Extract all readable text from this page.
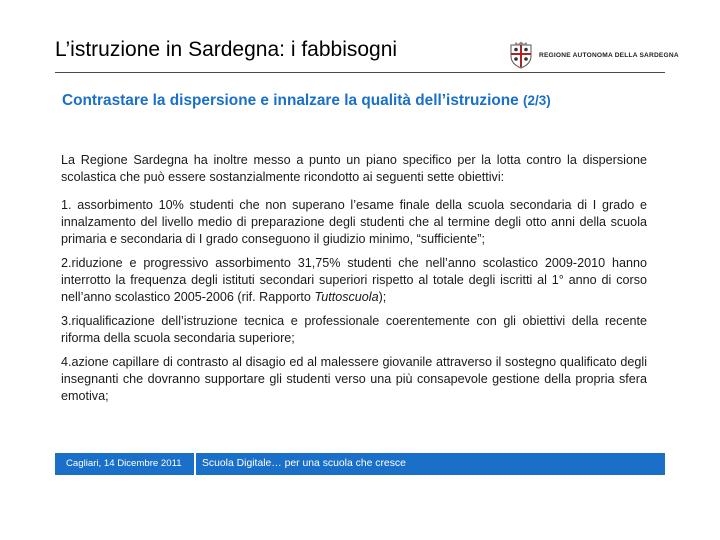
L’istruzione in Sardegna: i fabbisogni	REGIONE AUTONOMA DELLA SARDEGNA
Contrastare la dispersione e innalzare la qualità dell’istruzione (2/3)

La Regione Sardegna ha inoltre messo a punto un piano specifico per la lotta contro la dispersione scolastica che può essere sostanzialmente ricondotto ai seguenti sette obiettivi:

1. assorbimento 10% studenti che non superano l’esame finale della scuola secondaria di I grado e innalzamento del livello medio di preparazione degli studenti che al termine degli otto anni della scuola primaria e secondaria di I grado conseguono il giudizio minimo, “sufficiente”;

2.riduzione e progressivo assorbimento 31,75% studenti che nell’anno scolastico 2009-2010 hanno interrotto la frequenza degli istituti secondari superiori rispetto al totale degli iscritti al 1° anno di corso nell’anno scolastico 2005-2006 (rif. Rapporto Tuttoscuola);

3.riqualificazione dell’istruzione tecnica e professionale coerentemente con gli obiettivi della recente riforma della scuola secondaria superiore;

4.azione capillare di contrasto al disagio ed al malessere giovanile attraverso il sostegno qualificato degli insegnanti che dovranno supportare gli studenti verso una più consapevole gestione della propria sfera emotiva;

Cagliari, 14 Dicembre 2011 Scuola Digitale… per una scuola che cresce
